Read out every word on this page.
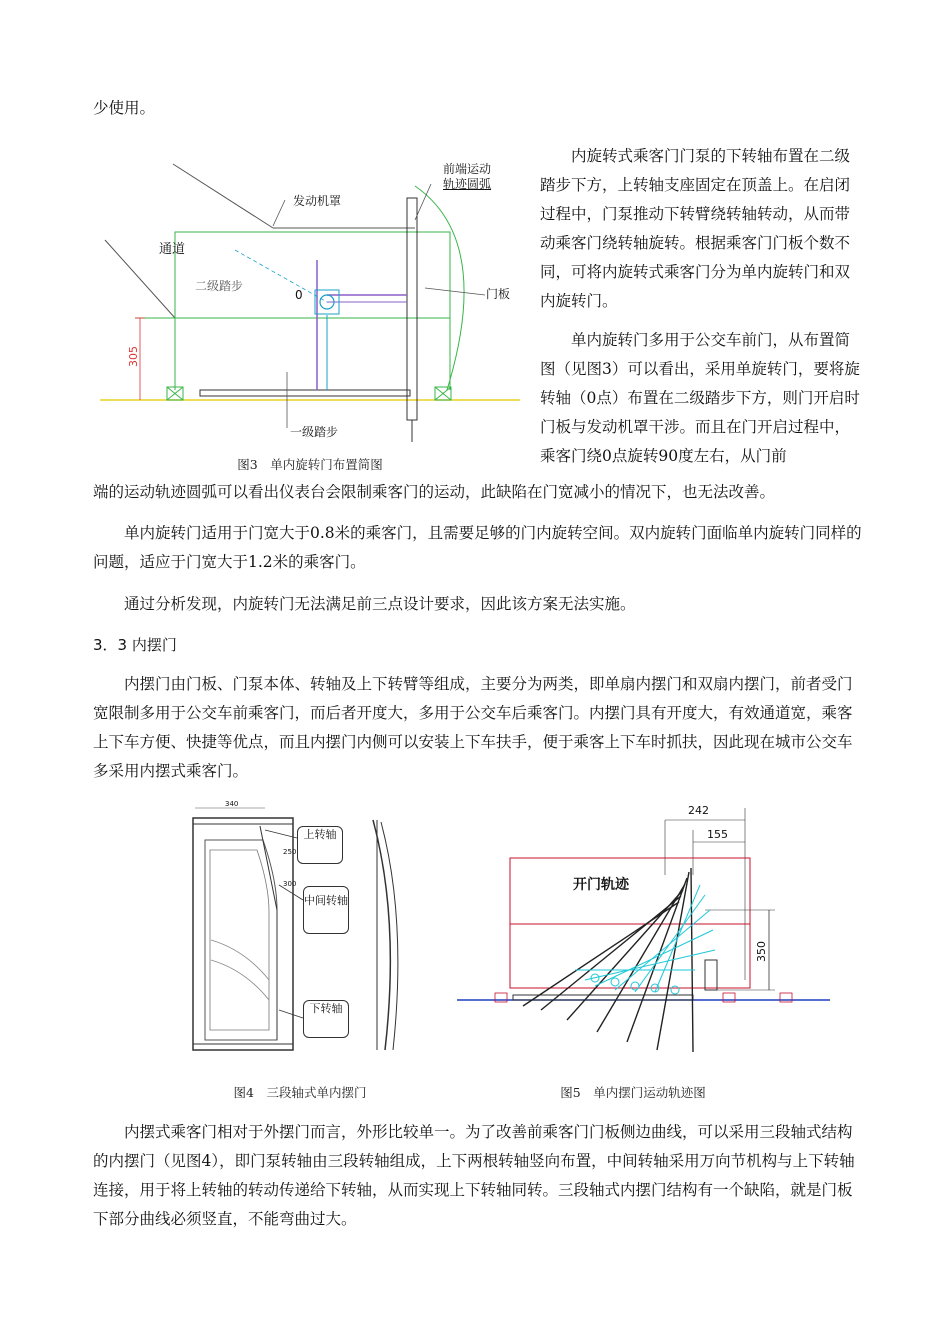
少使用。

前端运动
轨迹圆弧
发动机罩
通道
二级踏步
0	门板
305
一级踏步
图3　单内旋转门布置简图

内旋转式乘客门门泵的下转轴布置在二级踏步下方，上转轴支座固定在顶盖上。在启闭过程中，门泵推动下转臂绕转轴转动，从而带动乘客门绕转轴旋转。根据乘客门门板个数不同，可将内旋转式乘客门分为单内旋转门和双内旋转门。

单内旋转门多用于公交车前门，从布置简图（见图3）可以看出，采用单旋转门，要将旋转轴（0点）布置在二级踏步下方，则门开启时门板与发动机罩干涉。而且在门开启过程中，乘客门绕0点旋转90度左右，从门前

端的运动轨迹圆弧可以看出仪表台会限制乘客门的运动，此缺陷在门宽减小的情况下，也无法改善。

单内旋转门适用于门宽大于0.8米的乘客门，且需要足够的门内旋转空间。双内旋转门面临单内旋转门同样的问题，适应于门宽大于1.2米的乘客门。

通过分析发现，内旋转门无法满足前三点设计要求，因此该方案无法实施。

3．3 内摆门

内摆门由门板、门泵本体、转轴及上下转臂等组成，主要分为两类，即单扇内摆门和双扇内摆门，前者受门宽限制多用于公交车前乘客门，而后者开度大，多用于公交车后乘客门。内摆门具有开度大，有效通道宽，乘客上下车方便、快捷等优点，而且内摆门内侧可以安装上下车扶手，便于乘客上下车时抓扶，因此现在城市公交车多采用内摆式乘客门。

340
250
300
上转轴
中间转轴
下转轴
图4　三段轴式单内摆门
开门轨迹
242
155
350
图5　单内摆门运动轨迹图

内摆式乘客门相对于外摆门而言，外形比较单一。为了改善前乘客门门板侧边曲线，可以采用三段轴式结构的内摆门（见图4），即门泵转轴由三段转轴组成，上下两根转轴竖向布置，中间转轴采用万向节机构与上下转轴连接，用于将上转轴的转动传递给下转轴，从而实现上下转轴同转。三段轴式内摆门结构有一个缺陷，就是门板下部分曲线必须竖直，不能弯曲过大。
